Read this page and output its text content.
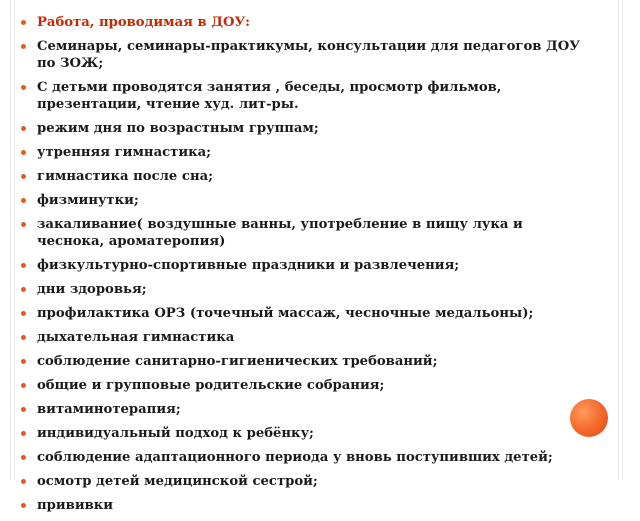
Работа, проводимая в ДОУ:
Семинары, семинары-практикумы, консультации для педагогов ДОУ по ЗОЖ;
С детьми проводятся занятия , беседы, просмотр фильмов, презентации, чтение худ. лит-ры.
режим дня по возрастным группам;
утренняя гимнастика;
гимнастика после сна;
физминутки;
закаливание( воздушные ванны, употребление в пищу лука и чеснока, ароматеропия)
физкультурно-спортивные праздники и развлечения;
дни здоровья;
профилактика ОРЗ (точечный массаж, чесночные медальоны);
дыхательная гимнастика
соблюдение санитарно-гигиенических требований;
общие и групповые родительские собрания;
витаминотерапия;
индивидуальный подход к ребёнку;
соблюдение адаптационного периода у вновь поступивших детей;
осмотр детей медицинской сестрой;
прививки
